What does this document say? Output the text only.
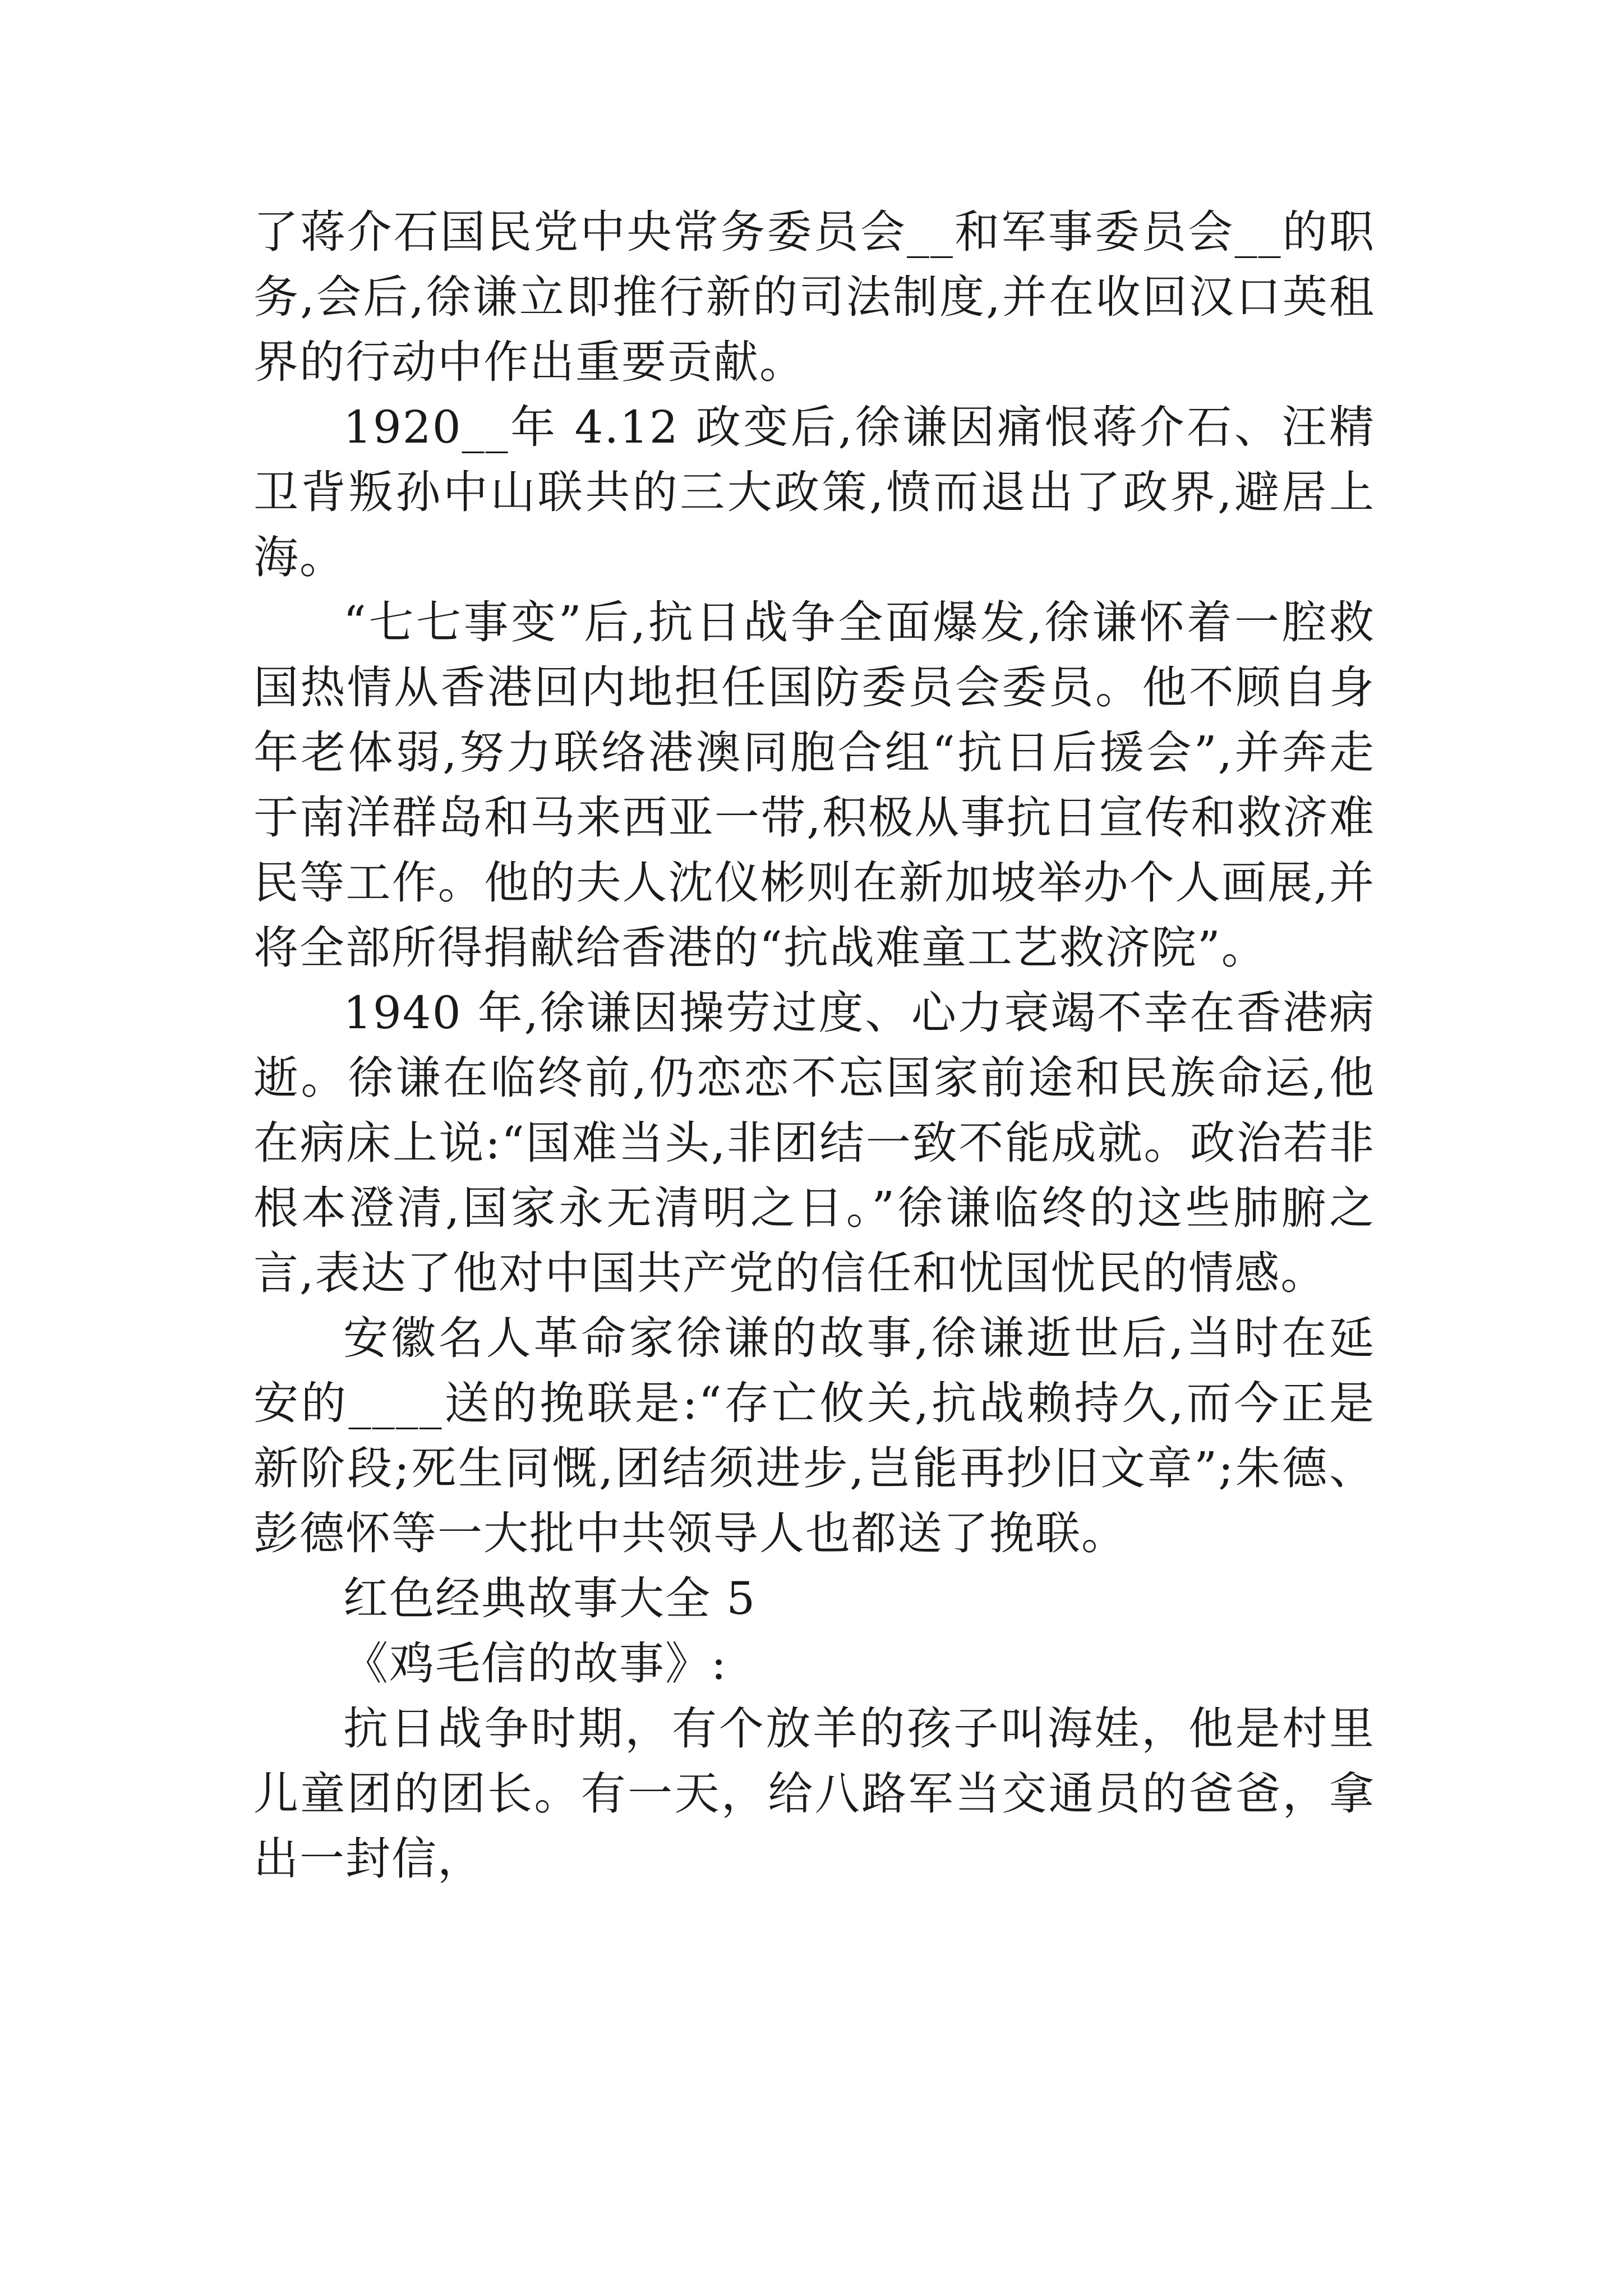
了蒋介石国民党中央常务委员会__和军事委员会__的职务,会后,徐谦立即推行新的司法制度,并在收回汉口英租界的行动中作出重要贡献。

1920__年 4.12 政变后,徐谦因痛恨蒋介石、汪精卫背叛孙中山联共的三大政策,愤而退出了政界,避居上海。

“七七事变”后,抗日战争全面爆发,徐谦怀着一腔救国热情从香港回内地担任国防委员会委员。他不顾自身年老体弱,努力联络港澳同胞合组“抗日后援会”,并奔走于南洋群岛和马来西亚一带,积极从事抗日宣传和救济难民等工作。他的夫人沈仪彬则在新加坡举办个人画展,并将全部所得捐献给香港的“抗战难童工艺救济院”。

1940 年,徐谦因操劳过度、心力衰竭不幸在香港病逝。徐谦在临终前,仍恋恋不忘国家前途和民族命运,他在病床上说:“国难当头,非团结一致不能成就。政治若非根本澄清,国家永无清明之日。”徐谦临终的这些肺腑之言,表达了他对中国共产党的信任和忧国忧民的情感。

安徽名人革命家徐谦的故事,徐谦逝世后,当时在延安的____送的挽联是:“存亡攸关,抗战赖持久,而今正是新阶段;死生同慨,团结须进步,岂能再抄旧文章”;朱德、彭德怀等一大批中共领导人也都送了挽联。

红色经典故事大全 5

《鸡毛信的故事》:

抗日战争时期，有个放羊的孩子叫海娃，他是村里儿童团的团长。有一天，给八路军当交通员的爸爸，拿出一封信，
